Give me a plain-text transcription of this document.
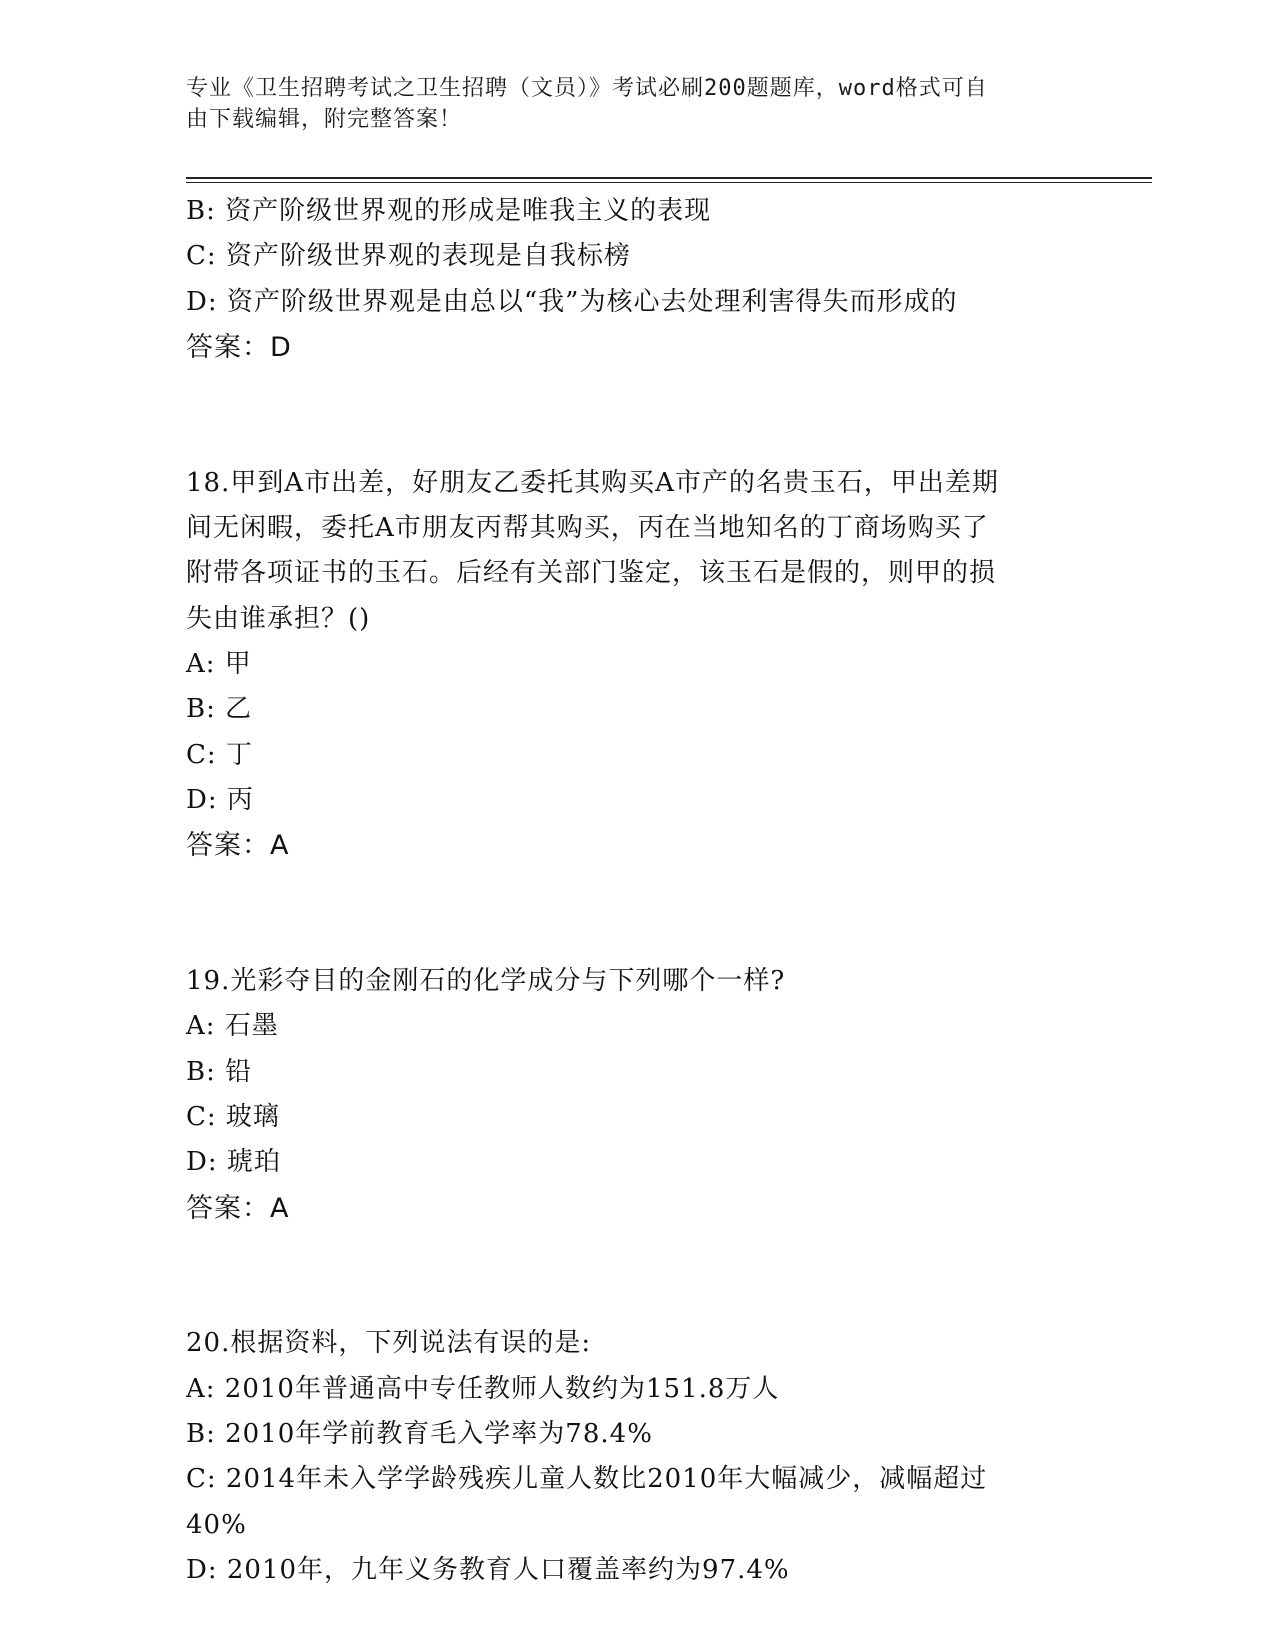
专业《卫生招聘考试之卫生招聘（文员）》考试必刷200题题库，word格式可自
由下载编辑，附完整答案！
B: 资产阶级世界观的形成是唯我主义的表现
C: 资产阶级世界观的表现是自我标榜
D: 资产阶级世界观是由总以“我”为核心去处理利害得失而形成的
答案：D
18.甲到A市出差，好朋友乙委托其购买A市产的名贵玉石，甲出差期
间无闲暇，委托A市朋友丙帮其购买，丙在当地知名的丁商场购买了
附带各项证书的玉石。后经有关部门鉴定，该玉石是假的，则甲的损
失由谁承担？()
A: 甲
B: 乙
C: 丁
D: 丙
答案：A
19.光彩夺目的金刚石的化学成分与下列哪个一样?
A: 石墨
B: 铅
C: 玻璃
D: 琥珀
答案：A
20.根据资料，下列说法有误的是:
A: 2010年普通高中专任教师人数约为151.8万人
B: 2010年学前教育毛入学率为78.4%
C: 2014年未入学学龄残疾儿童人数比2010年大幅减少，减幅超过
40%
D: 2010年，九年义务教育人口覆盖率约为97.4%
